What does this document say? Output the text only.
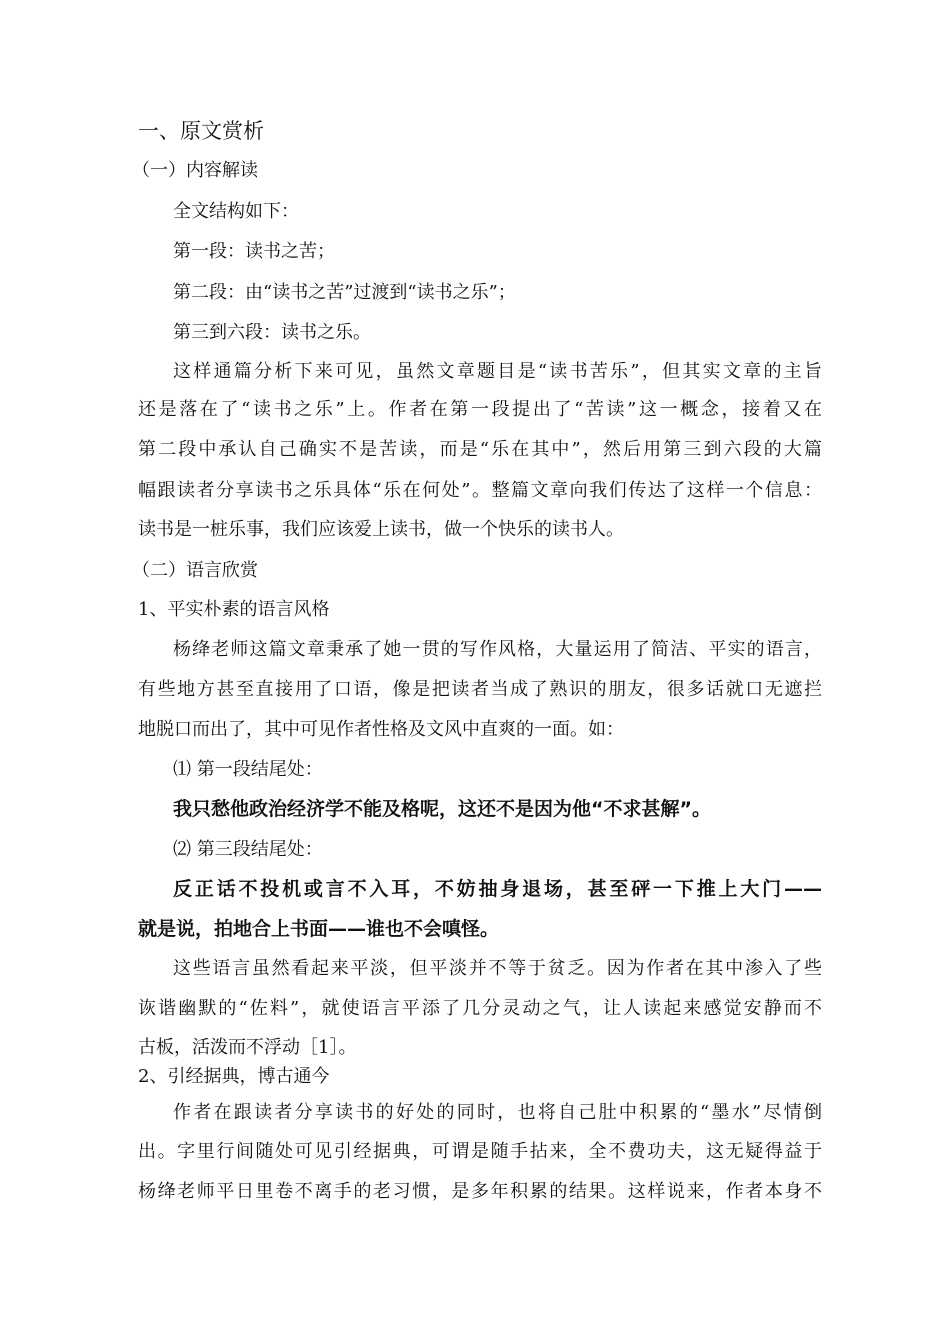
一、原文赏析
（一）内容解读
全文结构如下：
第一段：读书之苦；
第二段：由“读书之苦”过渡到“读书之乐”；
第三到六段：读书之乐。
这样通篇分析下来可见，虽然文章题目是“读书苦乐”，但其实文章的主旨
还是落在了“读书之乐”上。作者在第一段提出了“苦读”这一概念，接着又在
第二段中承认自己确实不是苦读，而是“乐在其中”，然后用第三到六段的大篇
幅跟读者分享读书之乐具体“乐在何处”。整篇文章向我们传达了这样一个信息：
读书是一桩乐事，我们应该爱上读书，做一个快乐的读书人。
（二）语言欣赏
1、平实朴素的语言风格
杨绛老师这篇文章秉承了她一贯的写作风格，大量运用了简洁、平实的语言，
有些地方甚至直接用了口语，像是把读者当成了熟识的朋友，很多话就口无遮拦
地脱口而出了，其中可见作者性格及文风中直爽的一面。如：
⑴ 第一段结尾处：
我只愁他政治经济学不能及格呢，这还不是因为他“不求甚解”。
⑵ 第三段结尾处：
反正话不投机或言不入耳，不妨抽身退场，甚至砰一下推上大门——
就是说，拍地合上书面——谁也不会嗔怪。
这些语言虽然看起来平淡，但平淡并不等于贫乏。因为作者在其中渗入了些
诙谐幽默的“佐料”，就使语言平添了几分灵动之气，让人读起来感觉安静而不
古板，活泼而不浮动［1］。
2、引经据典，博古通今
作者在跟读者分享读书的好处的同时，也将自己肚中积累的“墨水”尽情倒
出。字里行间随处可见引经据典，可谓是随手拈来，全不费功夫，这无疑得益于
杨绛老师平日里卷不离手的老习惯，是多年积累的结果。这样说来，作者本身不
